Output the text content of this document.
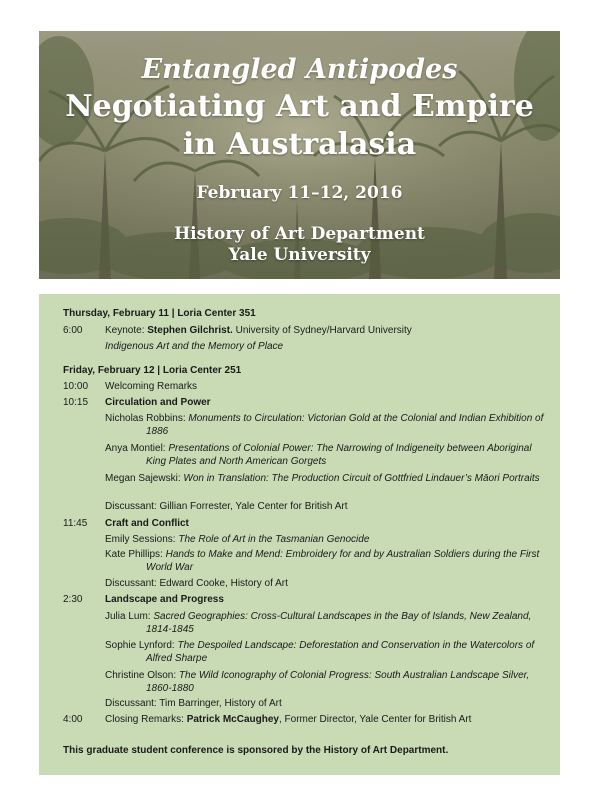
Entangled Antipodes
Negotiating Art and Empire
in Australasia
February 11–12, 2016
History of Art Department
Yale University
Thursday, February 11 | Loria Center 351
6:00 Keynote: Stephen Gilchrist. University of Sydney/Harvard University
Indigenous Art and the Memory of Place
Friday, February 12 | Loria Center 251
10:00 Welcoming Remarks
10:15 Circulation and Power
Nicholas Robbins: Monuments to Circulation: Victorian Gold at the Colonial and Indian Exhibition of 1886
Anya Montiel: Presentations of Colonial Power: The Narrowing of Indigeneity between Aboriginal King Plates and North American Gorgets
Megan Sajewski: Won in Translation: The Production Circuit of Gottfried Lindauer’s Māori Portraits
Discussant: Gillian Forrester, Yale Center for British Art
11:45 Craft and Conflict
Emily Sessions: The Role of Art in the Tasmanian Genocide
Kate Phillips: Hands to Make and Mend: Embroidery for and by Australian Soldiers during the First World War
Discussant: Edward Cooke, History of Art
2:30 Landscape and Progress
Julia Lum: Sacred Geographies: Cross-Cultural Landscapes in the Bay of Islands, New Zealand, 1814-1845
Sophie Lynford: The Despoiled Landscape: Deforestation and Conservation in the Watercolors of Alfred Sharpe
Christine Olson: The Wild Iconography of Colonial Progress: South Australian Landscape Silver, 1860-1880
Discussant: Tim Barringer, History of Art
4:00 Closing Remarks: Patrick McCaughey, Former Director, Yale Center for British Art
This graduate student conference is sponsored by the History of Art Department.
